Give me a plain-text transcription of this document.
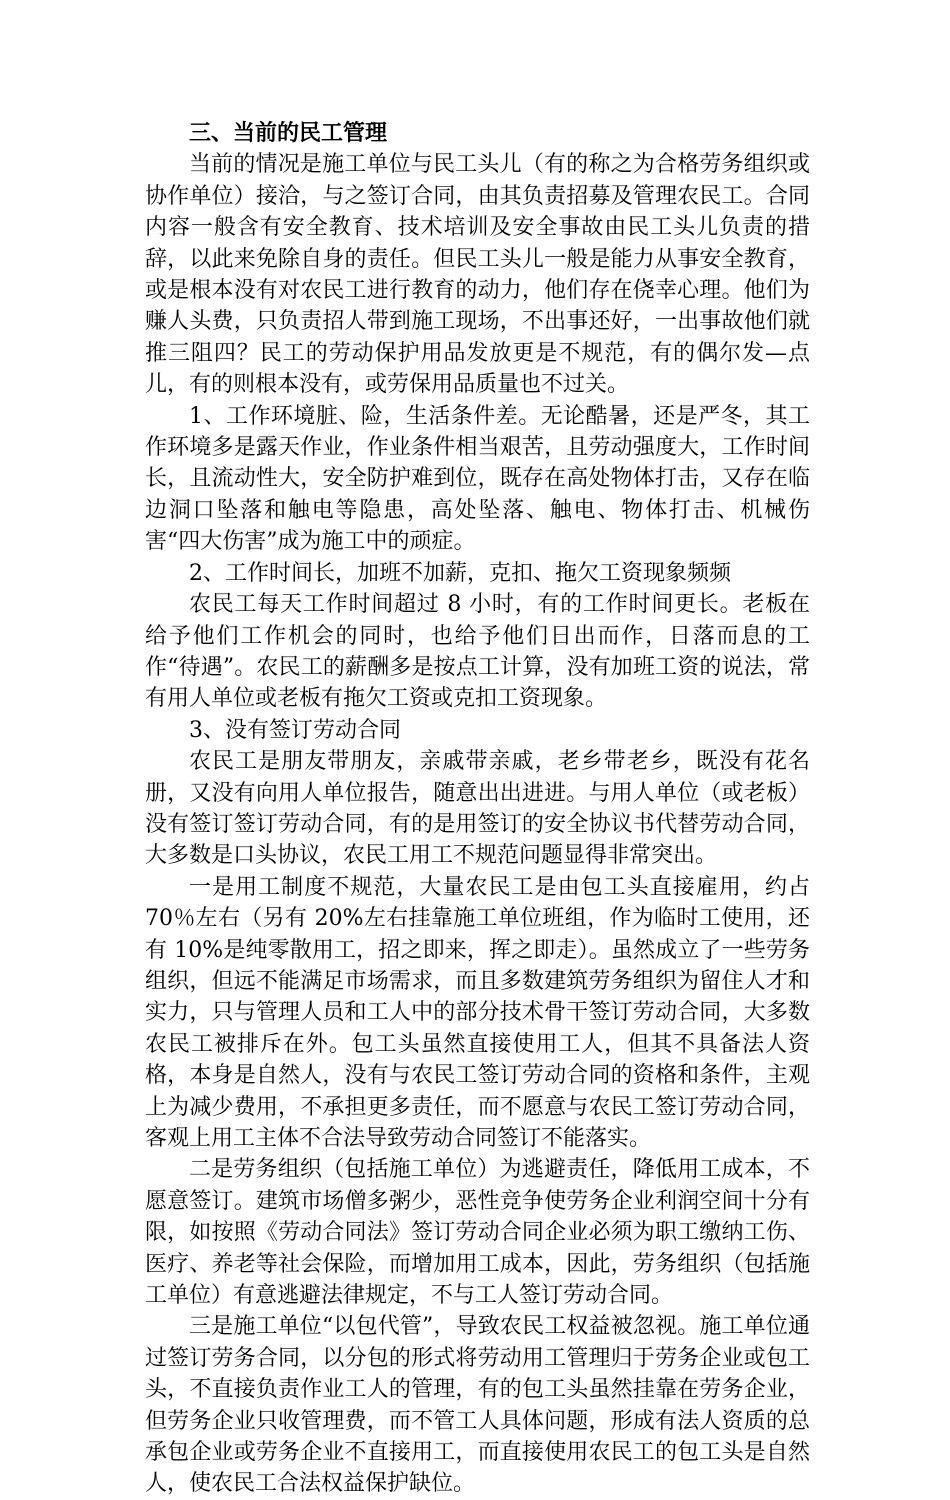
三、当前的民工管理

当前的情况是施工单位与民工头儿（有的称之为合格劳务组织或协作单位）接洽，与之签订合同，由其负责招募及管理农民工。合同内容一般含有安全教育、技术培训及安全事故由民工头儿负责的措辞，以此来免除自身的责任。但民工头儿一般是能力从事安全教育，或是根本没有对农民工进行教育的动力，他们存在侥幸心理。他们为赚人头费，只负责招人带到施工现场，不出事还好，一出事故他们就推三阻四？民工的劳动保护用品发放更是不规范，有的偶尔发—点儿，有的则根本没有，或劳保用品质量也不过关。

1、工作环境脏、险，生活条件差。无论酷暑，还是严冬，其工作环境多是露天作业，作业条件相当艰苦，且劳动强度大，工作时间长，且流动性大，安全防护难到位，既存在高处物体打击，又存在临边洞口坠落和触电等隐患，高处坠落、触电、物体打击、机械伤害“四大伤害”成为施工中的顽症。

2、工作时间长，加班不加薪，克扣、拖欠工资现象频频

农民工每天工作时间超过 8 小时，有的工作时间更长。老板在给予他们工作机会的同时，也给予他们日出而作，日落而息的工作“待遇”。农民工的薪酬多是按点工计算，没有加班工资的说法，常有用人单位或老板有拖欠工资或克扣工资现象。

3、没有签订劳动合同

农民工是朋友带朋友，亲戚带亲戚，老乡带老乡，既没有花名册，又没有向用人单位报告，随意出出进进。与用人单位（或老板）没有签订签订劳动合同，有的是用签订的安全协议书代替劳动合同，大多数是口头协议，农民工用工不规范问题显得非常突出。

一是用工制度不规范，大量农民工是由包工头直接雇用，约占 70％左右（另有 20%左右挂靠施工单位班组，作为临时工使用，还有 10%是纯零散用工，招之即来，挥之即走）。虽然成立了一些劳务组织，但远不能满足市场需求，而且多数建筑劳务组织为留住人才和实力，只与管理人员和工人中的部分技术骨干签订劳动合同，大多数农民工被排斥在外。包工头虽然直接使用工人，但其不具备法人资格，本身是自然人，没有与农民工签订劳动合同的资格和条件，主观上为减少费用，不承担更多责任，而不愿意与农民工签订劳动合同，客观上用工主体不合法导致劳动合同签订不能落实。

二是劳务组织（包括施工单位）为逃避责任，降低用工成本，不愿意签订。建筑市场僧多粥少，恶性竞争使劳务企业利润空间十分有限，如按照《劳动合同法》签订劳动合同企业必须为职工缴纳工伤、医疗、养老等社会保险，而增加用工成本，因此，劳务组织（包括施工单位）有意逃避法律规定，不与工人签订劳动合同。

三是施工单位“以包代管”，导致农民工权益被忽视。施工单位通过签订劳务合同，以分包的形式将劳动用工管理归于劳务企业或包工头，不直接负责作业工人的管理，有的包工头虽然挂靠在劳务企业，但劳务企业只收管理费，而不管工人具体问题，形成有法人资质的总承包企业或劳务企业不直接用工，而直接使用农民工的包工头是自然人，使农民工合法权益保护缺位。
